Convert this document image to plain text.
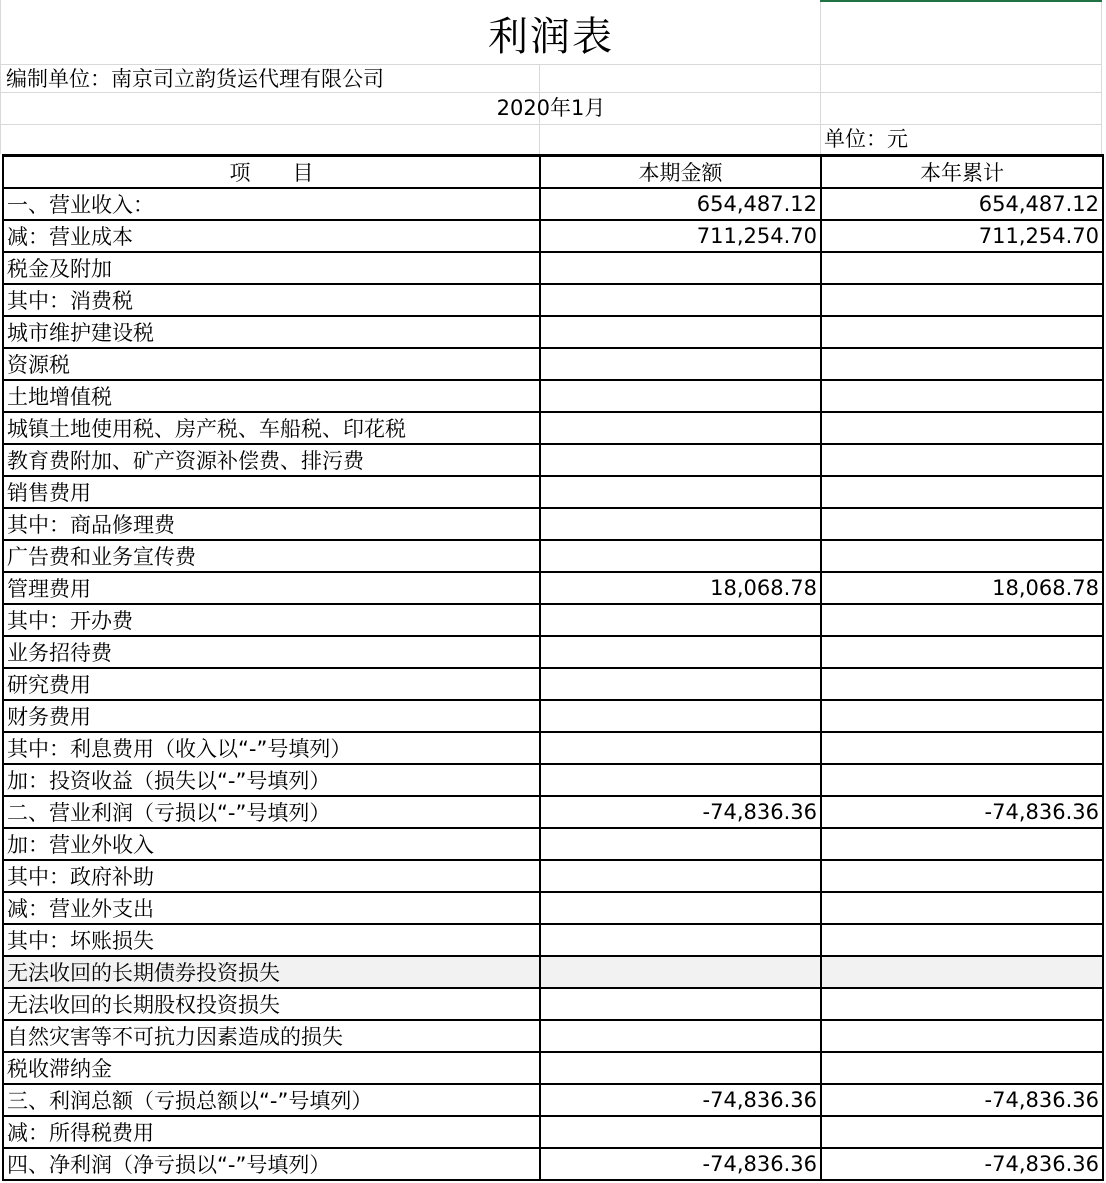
利润表
编制单位：南京司立韵货运代理有限公司
2020年1月
单位：元
项　　目	本期金额	本年累计
一、营业收入：	654,487.12	654,487.12
减：营业成本	711,254.70	711,254.70
税金及附加		
其中：消费税		
城市维护建设税		
资源税		
土地增值税		
城镇土地使用税、房产税、车船税、印花税		
教育费附加、矿产资源补偿费、排污费		
销售费用		
其中：商品修理费		
广告费和业务宣传费		
管理费用	18,068.78	18,068.78
其中：开办费		
业务招待费		
研究费用		
财务费用		
其中：利息费用（收入以“-”号填列）		
加：投资收益（损失以“-”号填列）		
二、营业利润（亏损以“-”号填列）	-74,836.36	-74,836.36
加：营业外收入		
其中：政府补助		
减：营业外支出		
其中：坏账损失		
无法收回的长期债券投资损失		
无法收回的长期股权投资损失		
自然灾害等不可抗力因素造成的损失		
税收滞纳金		
三、利润总额（亏损总额以“-”号填列）	-74,836.36	-74,836.36
减：所得税费用		
四、净利润（净亏损以“-”号填列）	-74,836.36	-74,836.36
